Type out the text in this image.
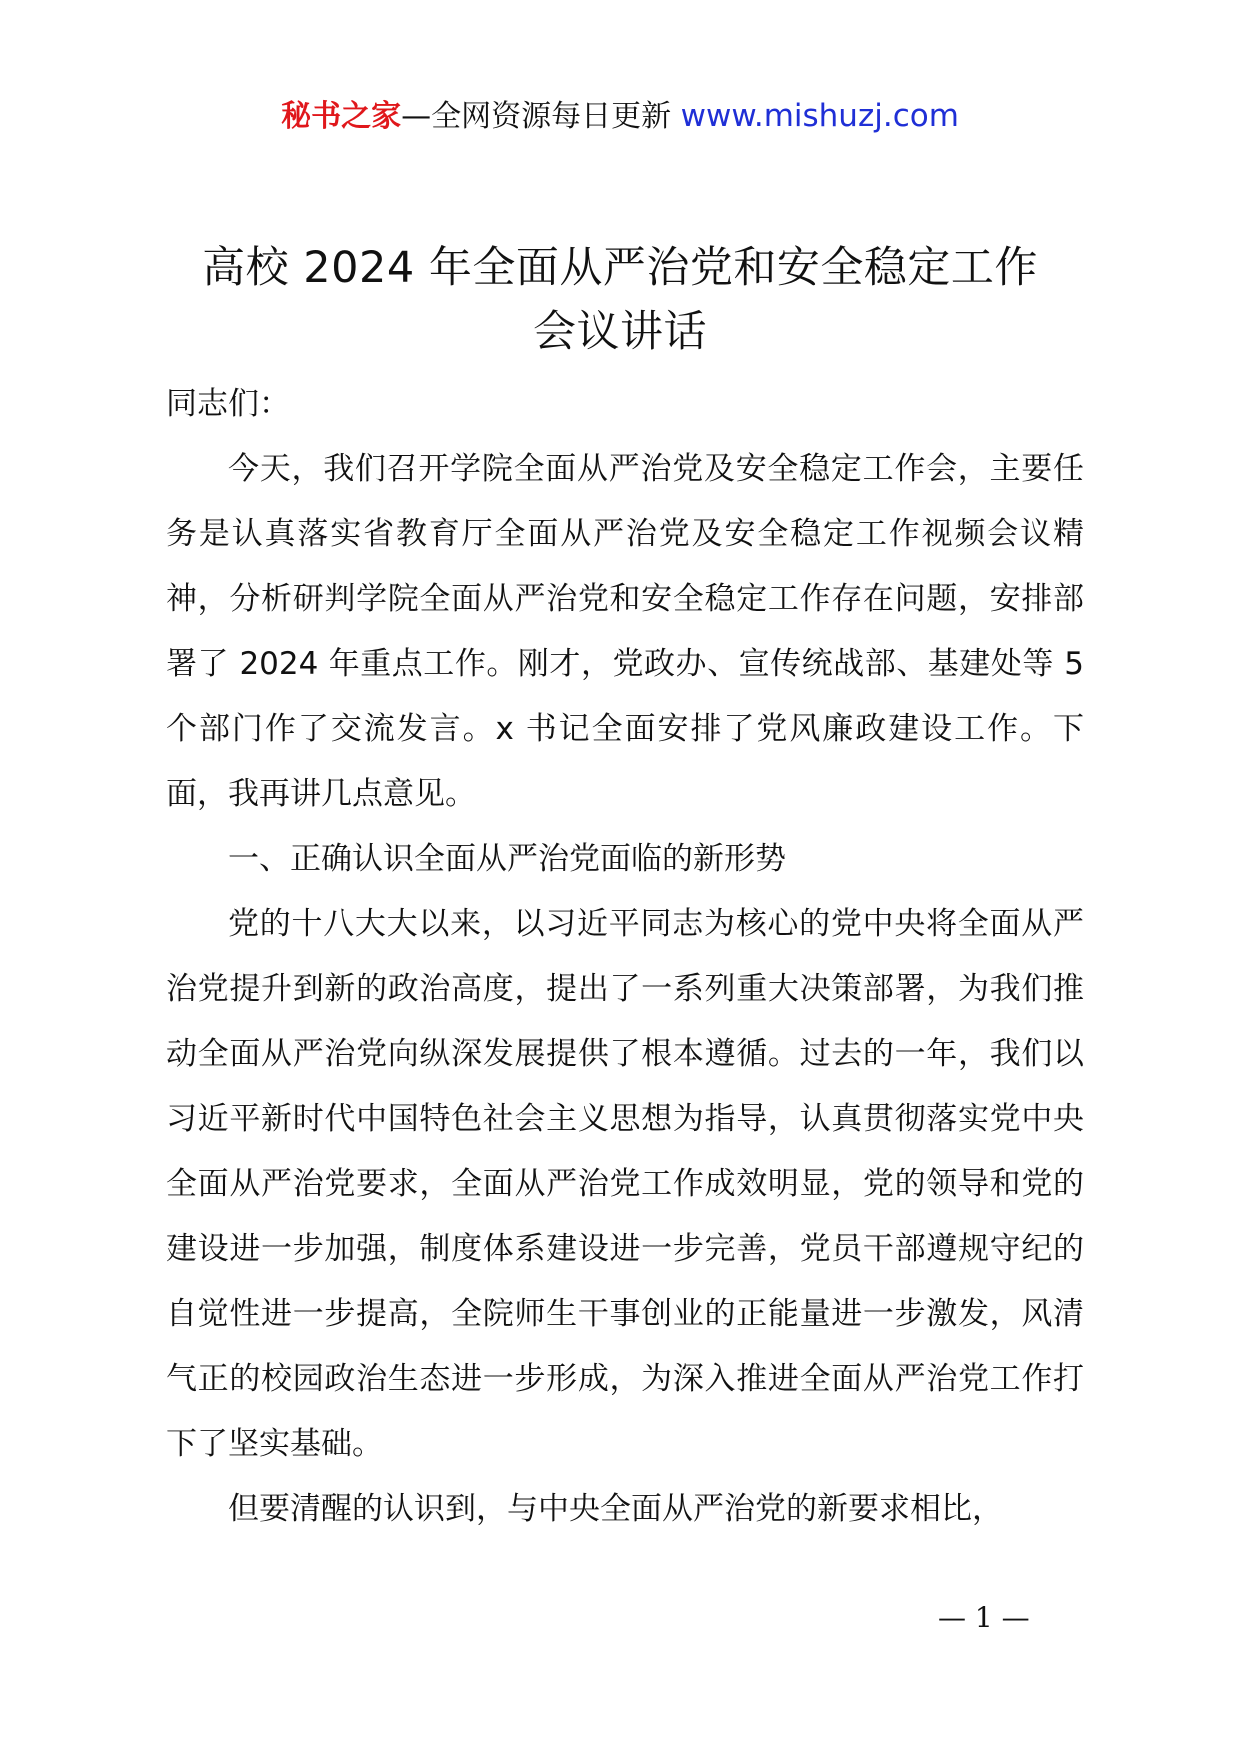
秘书之家—全网资源每日更新 www.mishuzj.com
高校 2024 年全面从严治党和安全稳定工作
会议讲话

同志们：

今天，我们召开学院全面从严治党及安全稳定工作会，主要任务是认真落实省教育厅全面从严治党及安全稳定工作视频会议精神，分析研判学院全面从严治党和安全稳定工作存在问题，安排部署了 2024 年重点工作。刚才，党政办、宣传统战部、基建处等 5 个部门作了交流发言。x 书记全面安排了党风廉政建设工作。下面，我再讲几点意见。

一、正确认识全面从严治党面临的新形势

党的十八大大以来，以习近平同志为核心的党中央将全面从严治党提升到新的政治高度，提出了一系列重大决策部署，为我们推动全面从严治党向纵深发展提供了根本遵循。过去的一年，我们以习近平新时代中国特色社会主义思想为指导，认真贯彻落实党中央全面从严治党要求，全面从严治党工作成效明显，党的领导和党的建设进一步加强，制度体系建设进一步完善，党员干部遵规守纪的自觉性进一步提高，全院师生干事创业的正能量进一步激发，风清气正的校园政治生态进一步形成，为深入推进全面从严治党工作打下了坚实基础。

但要清醒的认识到，与中央全面从严治党的新要求相比，

— 1 —
